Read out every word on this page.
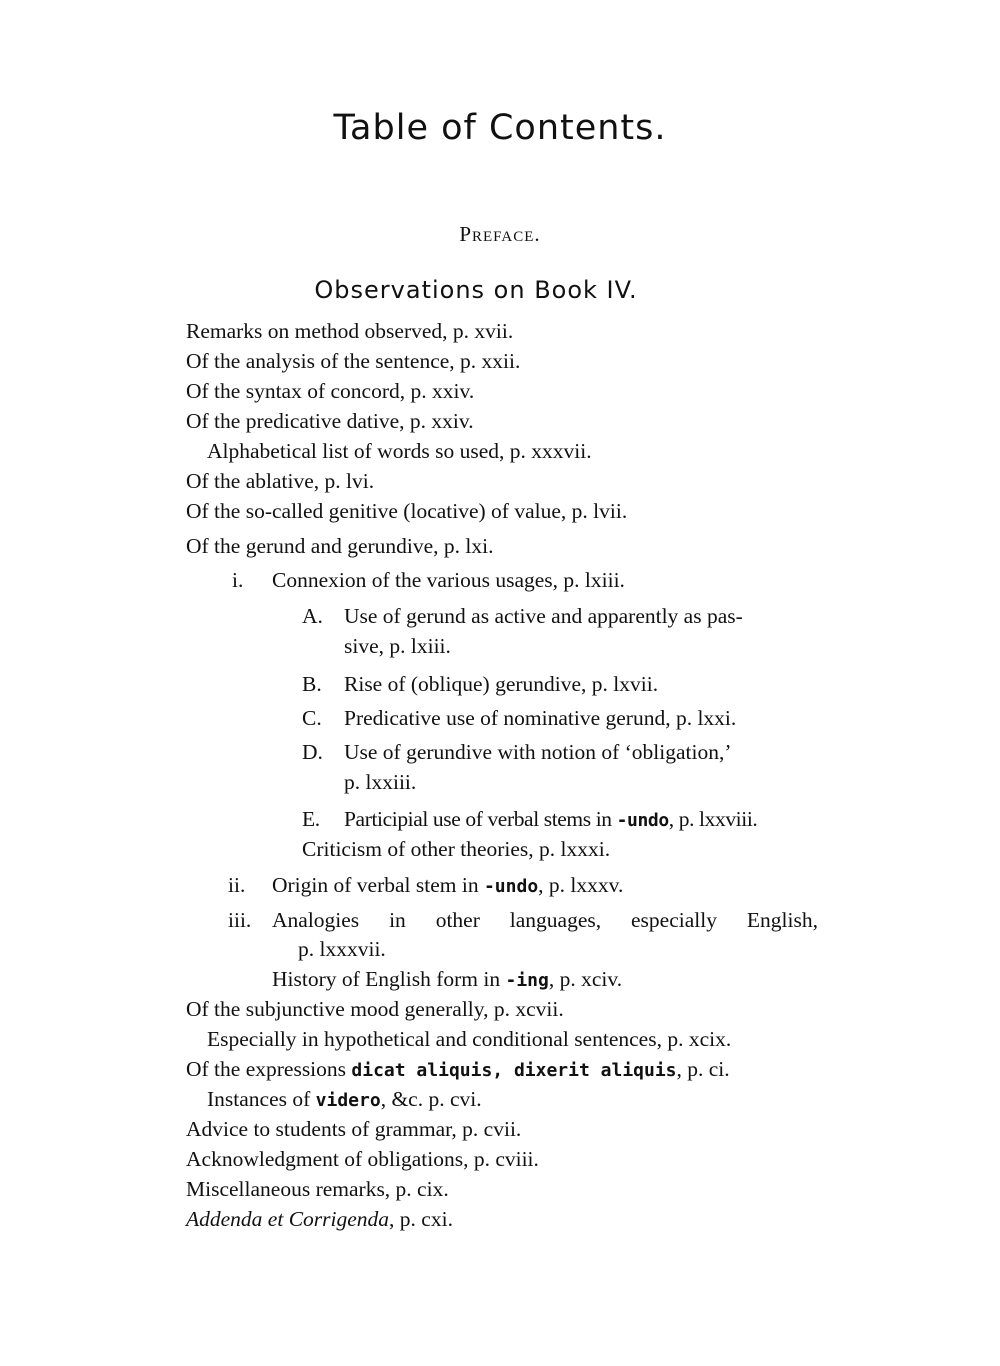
Table of Contents.
Preface.
Observations on Book IV.
Remarks on method observed, p. xvii.
Of the analysis of the sentence, p. xxii.
Of the syntax of concord, p. xxiv.
Of the predicative dative, p. xxiv.
Alphabetical list of words so used, p. xxxvii.
Of the ablative, p. lvi.
Of the so-called genitive (locative) of value, p. lvii.
Of the gerund and gerundive, p. lxi.
i. Connexion of the various usages, p. lxiii.
A. Use of gerund as active and apparently as pas-
sive, p. lxiii.
B. Rise of (oblique) gerundive, p. lxvii.
C. Predicative use of nominative gerund, p. lxxi.
D. Use of gerundive with notion of ‘obligation,’
p. lxxiii.
E. Participial use of verbal stems in -undo, p. lxxviii.
Criticism of other theories, p. lxxxi.
ii. Origin of verbal stem in -undo, p. lxxxv.
iii. Analogies in other languages, especially English,
p. lxxxvii.
History of English form in -ing, p. xciv.
Of the subjunctive mood generally, p. xcvii.
Especially in hypothetical and conditional sentences, p. xcix.
Of the expressions dicat aliquis, dixerit aliquis, p. ci.
Instances of videro, &c. p. cvi.
Advice to students of grammar, p. cvii.
Acknowledgment of obligations, p. cviii.
Miscellaneous remarks, p. cix.
Addenda et Corrigenda, p. cxi.
